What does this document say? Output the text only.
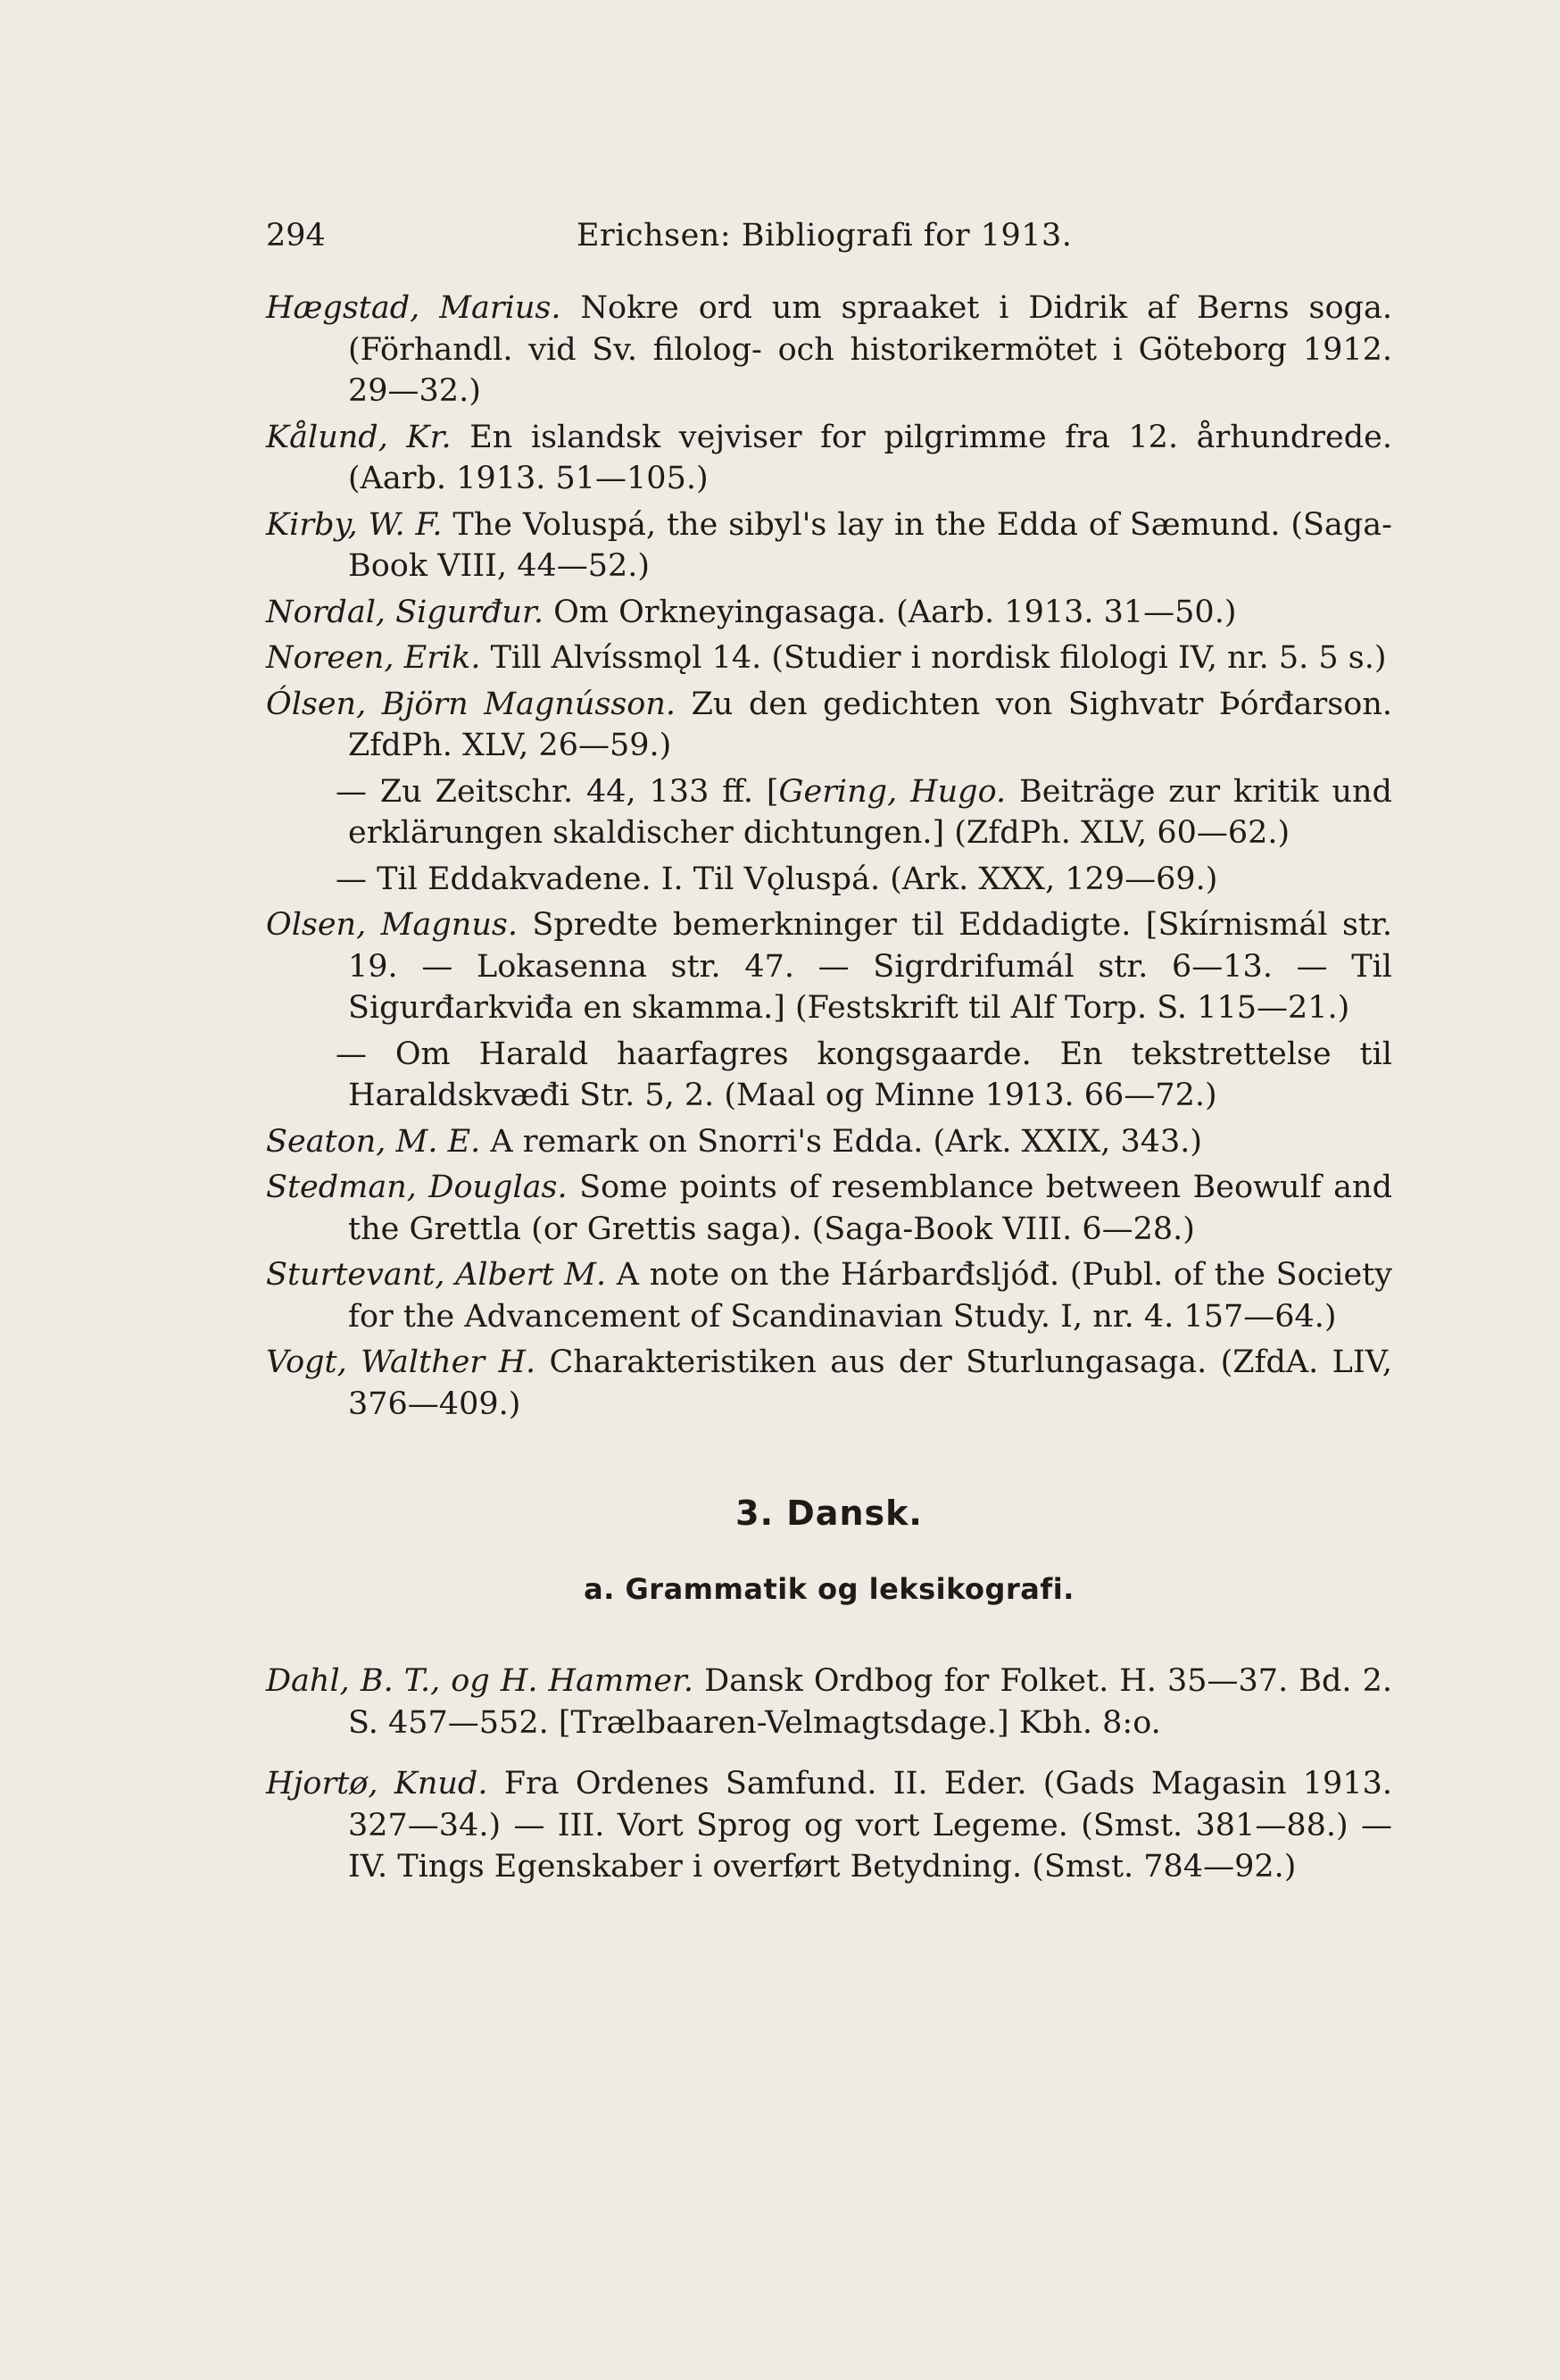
294	Erichsen: Bibliografi for 1913.

Hægstad, Marius. Nokre ord um spraaket i Didrik af Berns soga. (Förhandl. vid Sv. filolog- och historikermötet i Göteborg 1912. 29—32.)

Kålund, Kr. En islandsk vejviser for pilgrimme fra 12. århundrede. (Aarb. 1913. 51—105.)

Kirby, W. F. The Voluspá, the sibyl's lay in the Edda of Sæmund. (Saga-Book VIII, 44—52.)

Nordal, Sigurđur. Om Orkneyingasaga. (Aarb. 1913. 31—50.)

Noreen, Erik. Till Alvíssmǫl 14. (Studier i nordisk filologi IV, nr. 5. 5 s.)

Ólsen, Björn Magnússon. Zu den gedichten von Sighvatr Þórđarson. ZfdPh. XLV, 26—59.)

— Zu Zeitschr. 44, 133 ff. [Gering, Hugo. Beiträge zur kritik und erklärungen skaldischer dichtungen.] (ZfdPh. XLV, 60—62.)

— Til Eddakvadene. I. Til Vǫluspá. (Ark. XXX, 129—69.)

Olsen, Magnus. Spredte bemerkninger til Eddadigte. [Skírnismál str. 19. — Lokasenna str. 47. — Sigrdrifumál str. 6—13. — Til Sigurđarkviđa en skamma.] (Festskrift til Alf Torp. S. 115—21.)

— Om Harald haarfagres kongsgaarde. En tekstrettelse til Haraldskvæđi Str. 5, 2. (Maal og Minne 1913. 66—72.)

Seaton, M. E. A remark on Snorri's Edda. (Ark. XXIX, 343.)

Stedman, Douglas. Some points of resemblance between Beowulf and the Grettla (or Grettis saga). (Saga-Book VIII. 6—28.)

Sturtevant, Albert M. A note on the Hárbarđsljóđ. (Publ. of the Society for the Advancement of Scandinavian Study. I, nr. 4. 157—64.)

Vogt, Walther H. Charakteristiken aus der Sturlungasaga. (ZfdA. LIV, 376—409.)

3. Dansk.
a. Grammatik og leksikografi.

Dahl, B. T., og H. Hammer. Dansk Ordbog for Folket. H. 35—37. Bd. 2. S. 457—552. [Trælbaaren-Velmagtsdage.] Kbh. 8:o.

Hjortø, Knud. Fra Ordenes Samfund. II. Eder. (Gads Magasin 1913. 327—34.) — III. Vort Sprog og vort Legeme. (Smst. 381—88.) — IV. Tings Egenskaber i overført Betydning. (Smst. 784—92.)
